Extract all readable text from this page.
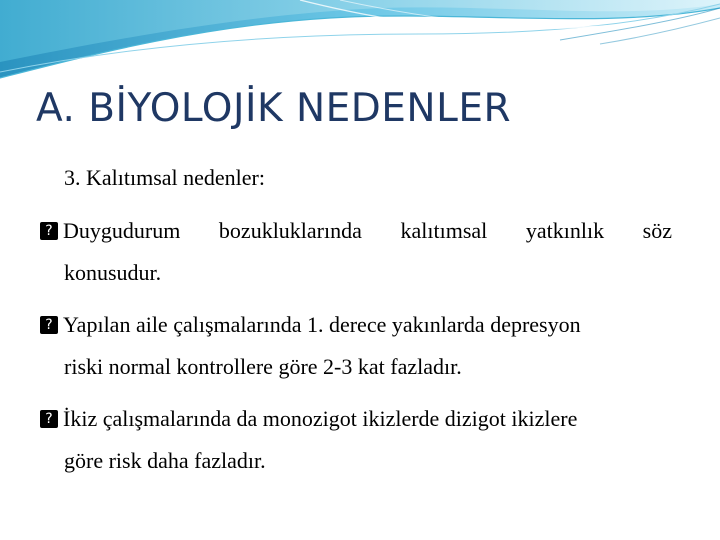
A. BİYOLOJİK NEDENLER
3. Kalıtımsal nedenler:
? Duygudurum   bozukluklarında   kalıtımsal   yatkınlık   söz
konusudur.
? Yapılan aile çalışmalarında 1. derece yakınlarda depresyon
riski normal kontrollere göre 2-3 kat fazladır.
? İkiz çalışmalarında da monozigot ikizlerde dizigot ikizlere
göre risk daha fazladır.
